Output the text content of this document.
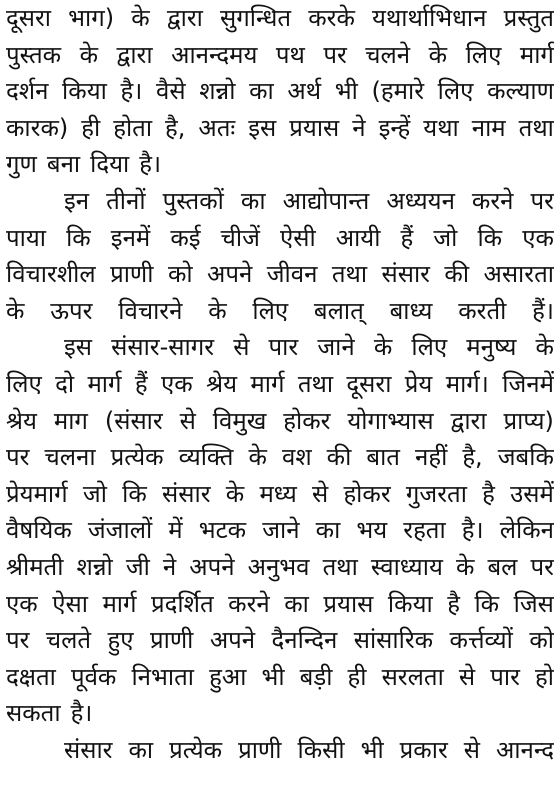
दूसरा भाग) के द्वारा सुगन्धित करके यथार्थाभिधान प्रस्तुत
पुस्तक के द्वारा आनन्दमय पथ पर चलने के लिए मार्ग
दर्शन किया है। वैसे शन्नो का अर्थ भी (हमारे लिए कल्याण
कारक) ही होता है, अतः इस प्रयास ने इन्हें यथा नाम तथा
गुण बना दिया है।
इन तीनों पुस्तकों का आद्योपान्त अध्ययन करने पर
पाया कि इनमें कई चीजें ऐसी आयी हैं जो कि एक
विचारशील प्राणी को अपने जीवन तथा संसार की असारता
के ऊपर विचारने के लिए बलात् बाध्य करती हैं।
इस संसार-सागर से पार जाने के लिए मनुष्य के
लिए दो मार्ग हैं एक श्रेय मार्ग तथा दूसरा प्रेय मार्ग। जिनमें
श्रेय माग (संसार से विमुख होकर योगाभ्यास द्वारा प्राप्य)
पर चलना प्रत्येक व्यक्ति के वश की बात नहीं है, जबकि
प्रेयमार्ग जो कि संसार के मध्य से होकर गुजरता है उसमें
वैषयिक जंजालों में भटक जाने का भय रहता है। लेकिन
श्रीमती शन्नो जी ने अपने अनुभव तथा स्वाध्याय के बल पर
एक ऐसा मार्ग प्रदर्शित करने का प्रयास किया है कि जिस
पर चलते हुए प्राणी अपने दैनन्दिन सांसारिक कर्त्तव्यों को
दक्षता पूर्वक निभाता हुआ भी बड़ी ही सरलता से पार हो
सकता है।
संसार का प्रत्येक प्राणी किसी भी प्रकार से आनन्द
